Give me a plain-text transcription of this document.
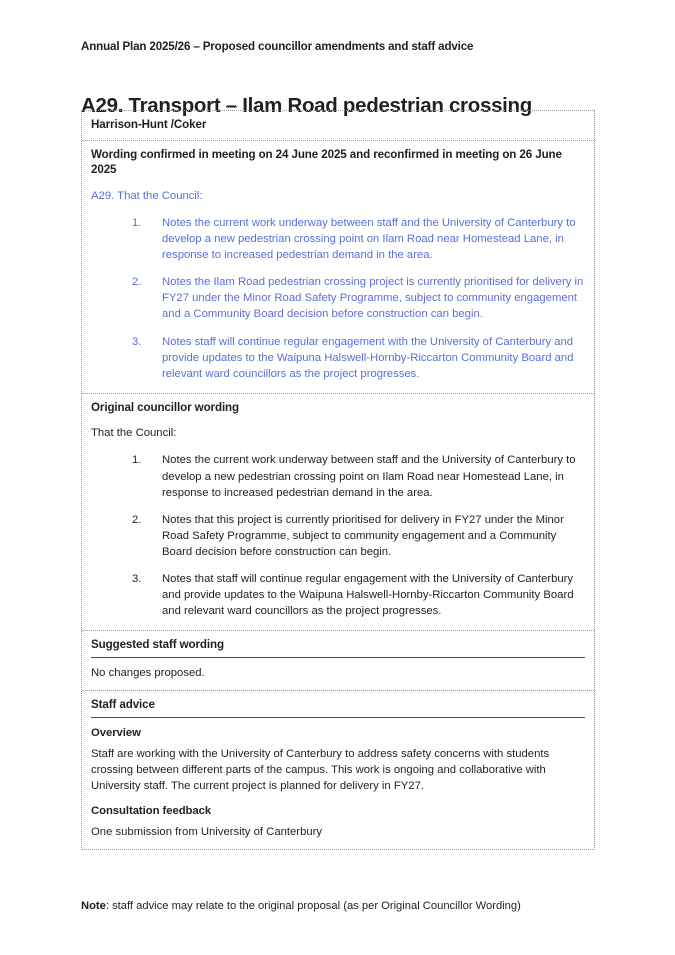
Annual Plan 2025/26 – Proposed councillor amendments and staff advice
A29. Transport – Ilam Road pedestrian crossing
Harrison-Hunt /Coker
Wording confirmed in meeting on 24 June 2025 and reconfirmed in meeting on 26 June 2025

A29. That the Council:

1.	Notes the current work underway between staff and the University of Canterbury to develop a new pedestrian crossing point on Ilam Road near Homestead Lane, in response to increased pedestrian demand in the area.
2.	Notes the Ilam Road pedestrian crossing project is currently prioritised for delivery in FY27 under the Minor Road Safety Programme, subject to community engagement and a Community Board decision before construction can begin.
3.	Notes staff will continue regular engagement with the University of Canterbury and provide updates to the Waipuna Halswell-Hornby-Riccarton Community Board and relevant ward councillors as the project progresses.
Original councillor wording

That the Council:

1.	Notes the current work underway between staff and the University of Canterbury to develop a new pedestrian crossing point on Ilam Road near Homestead Lane, in response to increased pedestrian demand in the area.
2.	Notes that this project is currently prioritised for delivery in FY27 under the Minor Road Safety Programme, subject to community engagement and a Community Board decision before construction can begin.
3.	Notes that staff will continue regular engagement with the University of Canterbury and provide updates to the Waipuna Halswell-Hornby-Riccarton Community Board and relevant ward councillors as the project progresses.
Suggested staff wording

No changes proposed.

Staff advice
Overview

Staff are working with the University of Canterbury to address safety concerns with students crossing between different parts of the campus. This work is ongoing and collaborative with University staff. The current project is planned for delivery in FY27.

Consultation feedback

One submission from University of Canterbury

Note: staff advice may relate to the original proposal (as per Original Councillor Wording)
